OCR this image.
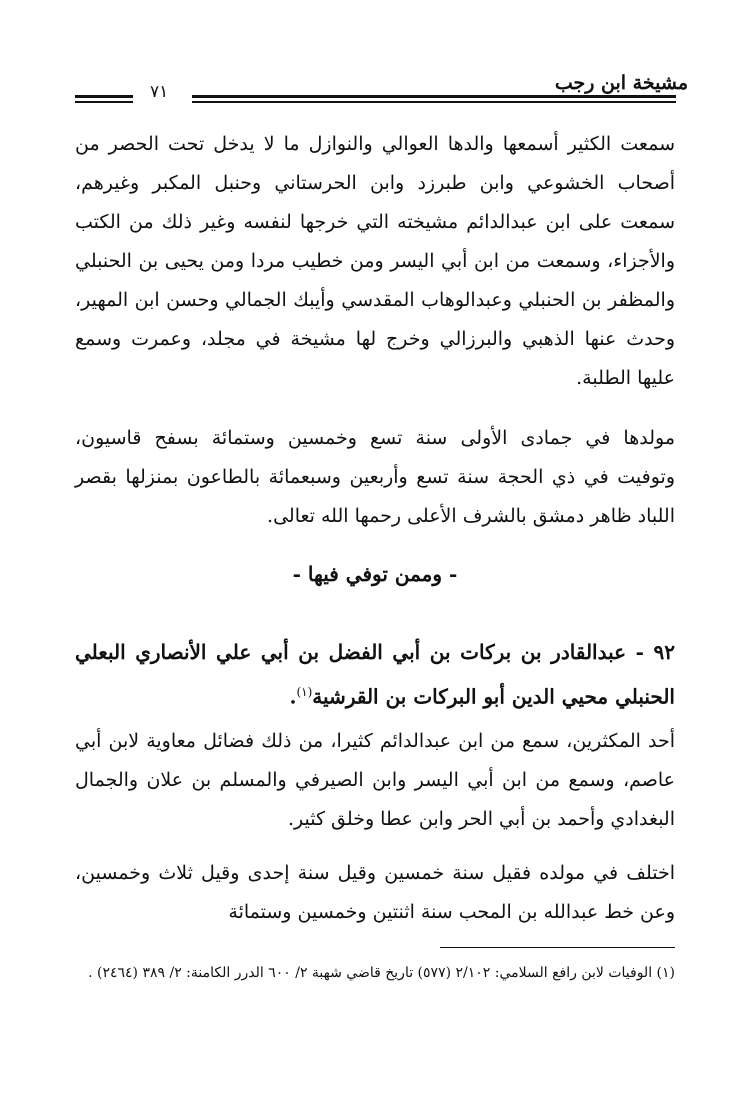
مشيخة ابن رجب
٧١

سمعت الكثير أسمعها والدها العوالي والنوازل ما لا يدخل تحت الحصر من أصحاب الخشوعي وابن طبرزد وابن الحرستاني وحنبل المكبر وغيرهم، سمعت على ابن عبدالدائم مشيخته التي خرجها لنفسه وغير ذلك من الكتب والأجزاء، وسمعت من ابن أبي اليسر ومن خطيب مردا ومن يحيى بن الحنبلي والمظفر بن الحنبلي وعبدالوهاب المقدسي وأيبك الجمالي وحسن ابن المهير، وحدث عنها الذهبي والبرزالي وخرج لها مشيخة في مجلد، وعمرت وسمع عليها الطلبة.

مولدها في جمادى الأولى سنة تسع وخمسين وستمائة بسفح قاسيون، وتوفيت في ذي الحجة سنة تسع وأربعين وسبعمائة بالطاعون بمنزلها بقصر اللباد ظاهر دمشق بالشرف الأعلى رحمها الله تعالى.

- وممن توفي فيها -
٩٢ - عبدالقادر بن بركات بن أبي الفضل بن أبي علي الأنصاري البعلي الحنبلي محيي الدين أبو البركات بن القرشية$^{(١)}$.

أحد المكثرين، سمع من ابن عبدالدائم كثيرا، من ذلك فضائل معاوية لابن أبي عاصم، وسمع من ابن أبي اليسر وابن الصيرفي والمسلم بن علان والجمال البغدادي وأحمد بن أبي الحر وابن عطا وخلق كثير.

اختلف في مولده فقيل سنة خمسين وقيل سنة إحدى وقيل ثلاث وخمسين، وعن خط عبدالله بن المحب سنة اثنتين وخمسين وستمائة

(١) الوفيات لابن رافع السلامي: ٢/١٠٢ (٥٧٧) تاريخ قاضي شهبة ٢/ ٦٠٠ الدرر الكامنة: ٢/ ٣٨٩ (٢٤٦٤) .
